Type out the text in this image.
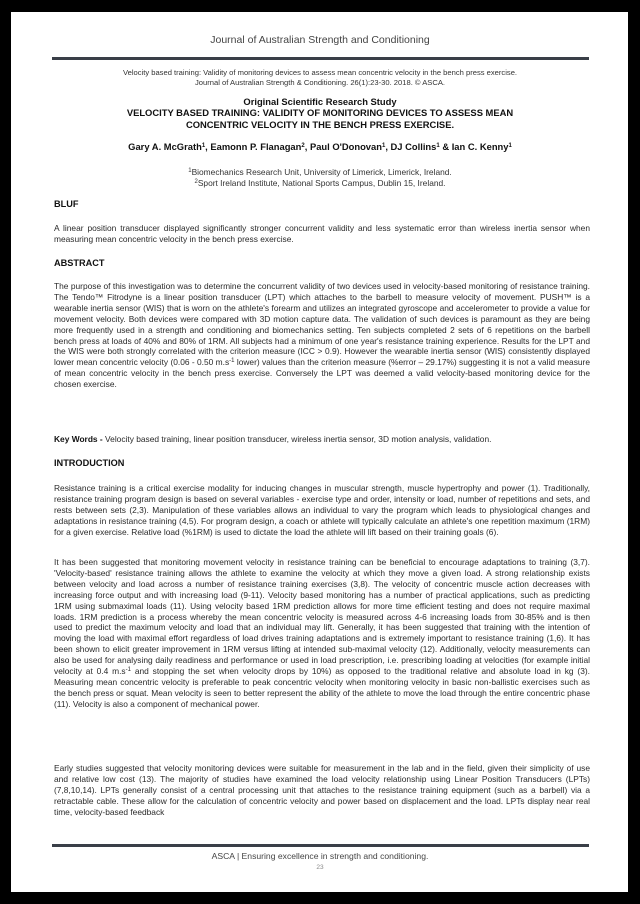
Journal of Australian Strength and Conditioning
Velocity based training: Validity of monitoring devices to assess mean concentric velocity in the bench press exercise.
Journal of Australian Strength & Conditioning. 26(1):23-30. 2018. © ASCA.
Original Scientific Research Study
VELOCITY BASED TRAINING: VALIDITY OF MONITORING DEVICES TO ASSESS MEAN
CONCENTRIC VELOCITY IN THE BENCH PRESS EXERCISE.
Gary A. McGrath$^1$, Eamonn P. Flanagan$^2$, Paul O'Donovan$^1$, DJ Collins$^1$ & Ian C. Kenny$^1$
$^1$Biomechanics Research Unit, University of Limerick, Limerick, Ireland.
$^2$Sport Ireland Institute, National Sports Campus, Dublin 15, Ireland.
BLUF
A linear position transducer displayed significantly stronger concurrent validity and less systematic error than wireless inertia sensor when measuring mean concentric velocity in the bench press exercise.
ABSTRACT
The purpose of this investigation was to determine the concurrent validity of two devices used in velocity-based monitoring of resistance training. The Tendo™ Fitrodyne is a linear position transducer (LPT) which attaches to the barbell to measure velocity of movement. PUSH™ is a wearable inertia sensor (WIS) that is worn on the athlete's forearm and utilizes an integrated gyroscope and accelerometer to provide a value for movement velocity. Both devices were compared with 3D motion capture data. The validation of such devices is paramount as they are being more frequently used in a strength and conditioning and biomechanics setting. Ten subjects completed 2 sets of 6 repetitions on the barbell bench press at loads of 40% and 80% of 1RM. All subjects had a minimum of one year's resistance training experience. Results for the LPT and the WIS were both strongly correlated with the criterion measure (ICC > 0.9). However the wearable inertia sensor (WIS) consistently displayed lower mean concentric velocity (0.06 - 0.50 $m.s^{-1}$ lower) values than the criterion measure (%error – 29.17%) suggesting it is not a valid measure of mean concentric velocity in the bench press exercise. Conversely the LPT was deemed a valid velocity-based monitoring device for the chosen exercise.
Key Words - Velocity based training, linear position transducer, wireless inertia sensor, 3D motion analysis, validation.
INTRODUCTION
Resistance training is a critical exercise modality for inducing changes in muscular strength, muscle hypertrophy and power (1). Traditionally, resistance training program design is based on several variables - exercise type and order, intensity or load, number of repetitions and sets, and rests between sets (2,3). Manipulation of these variables allows an individual to vary the program which leads to physiological changes and adaptations in resistance training (4,5). For program design, a coach or athlete will typically calculate an athlete's one repetition maximum (1RM) for a given exercise. Relative load (%1RM) is used to dictate the load the athlete will lift based on their training goals (6).
It has been suggested that monitoring movement velocity in resistance training can be beneficial to encourage adaptations to training (3,7). 'Velocity-based' resistance training allows the athlete to examine the velocity at which they move a given load. A strong relationship exists between velocity and load across a number of resistance training exercises (3,8). The velocity of concentric muscle action decreases with increasing force output and with increasing load (9-11). Velocity based monitoring has a number of practical applications, such as predicting 1RM using submaximal loads (11). Using velocity based 1RM prediction allows for more time efficient testing and does not require maximal loads. 1RM prediction is a process whereby the mean concentric velocity is measured across 4-6 increasing loads from 30-85% and is then used to predict the maximum velocity and load that an individual may lift. Generally, it has been suggested that training with the intention of moving the load with maximal effort regardless of load drives training adaptations and is extremely important to resistance training (1,6). It has been shown to elicit greater improvement in 1RM versus lifting at intended sub-maximal velocity (12). Additionally, velocity measurements can also be used for analysing daily readiness and performance or used in load prescription, i.e. prescribing loading at velocities (for example initial velocity at 0.4 $m.s^{-1}$ and stopping the set when velocity drops by 10%) as opposed to the traditional relative and absolute load in kg (3). Measuring mean concentric velocity is preferable to peak concentric velocity when monitoring velocity in basic non-ballistic exercises such as the bench press or squat. Mean velocity is seen to better represent the ability of the athlete to move the load through the entire concentric phase (11). Velocity is also a component of mechanical power.
Early studies suggested that velocity monitoring devices were suitable for measurement in the lab and in the field, given their simplicity of use and relative low cost (13). The majority of studies have examined the load velocity relationship using Linear Position Transducers (LPTs) (7,8,10,14). LPTs generally consist of a central processing unit that attaches to the resistance training equipment (such as a barbell) via a retractable cable. These allow for the calculation of concentric velocity and power based on displacement and the load. LPTs display near real time, velocity-based feedback
ASCA | Ensuring excellence in strength and conditioning.
23
